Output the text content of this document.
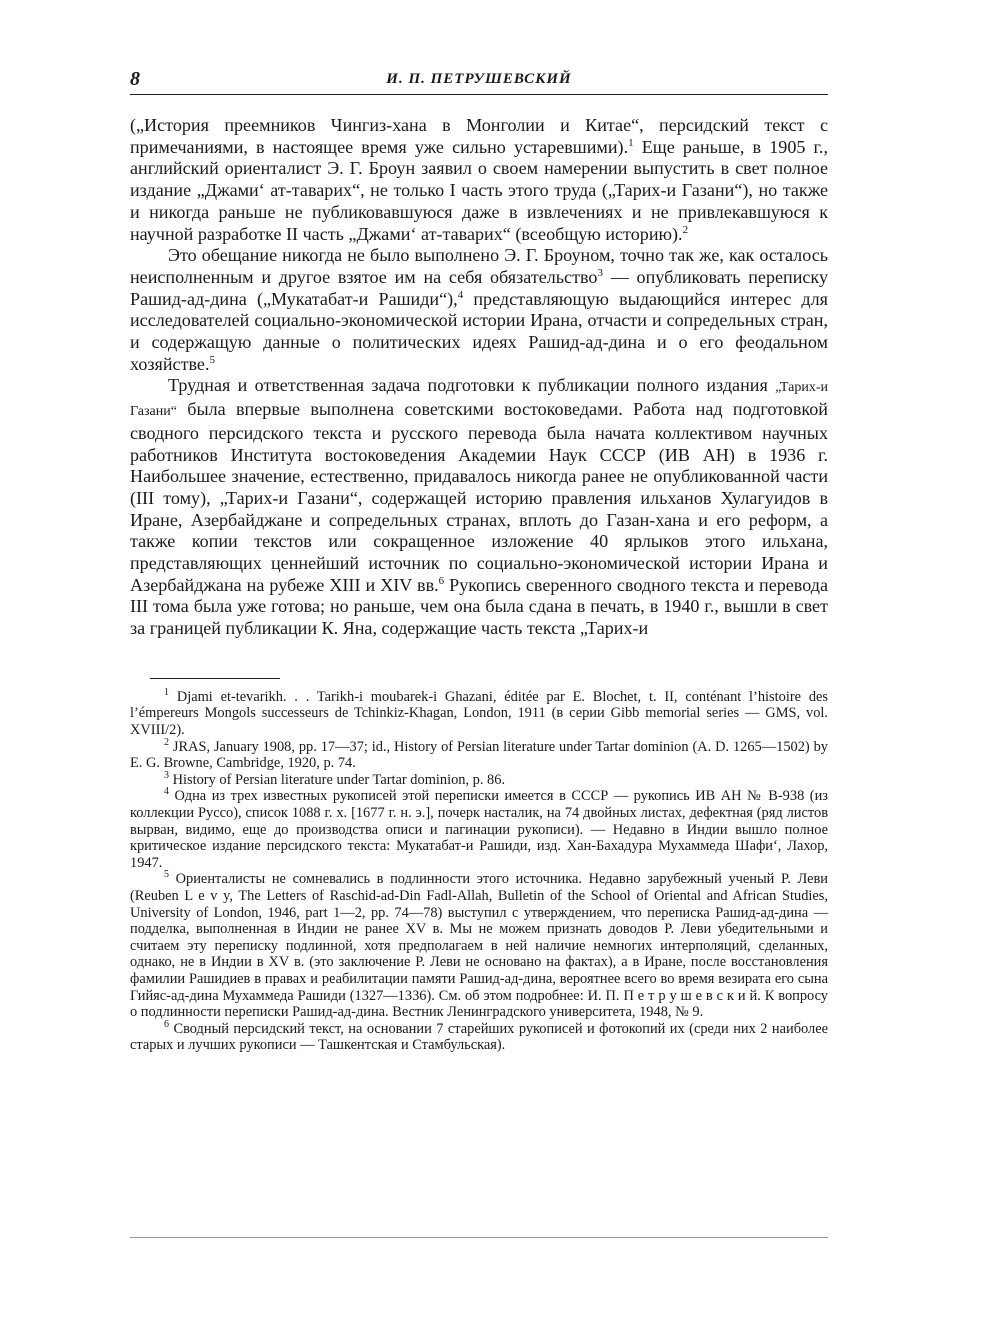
8	И. П. ПЕТРУШЕВСКИЙ

(„История преемников Чингиз-хана в Монголии и Китае“, персидский текст с примечаниями, в настоящее время уже сильно устаревшими).$^1$ Еще раньше, в 1905 г., английский ориенталист Э. Г. Броун заявил о своем намерении выпустить в свет полное издание „Джами‘ ат-таварих“, не только I часть этого труда („Тарих-и Газани“), но также и никогда раньше не публиковавшуюся даже в извлечениях и не привлекавшуюся к научной разработке II часть „Джами‘ ат-таварих“ (всеобщую историю).$^2$

Это обещание никогда не было выполнено Э. Г. Броуном, точно так же, как осталось неисполненным и другое взятое им на себя обязательство$^3$ — опубликовать переписку Рашид-ад-дина („Мукатабат-и Рашиди“),$^4$ представляющую выдающийся интерес для исследователей социально-экономической истории Ирана, отчасти и сопредельных стран, и содержащую данные о политических идеях Рашид-ад-дина и о его феодальном хозяйстве.$^5$

Трудная и ответственная задача подготовки к публикации полного издания „Тарих-и Газани“ была впервые выполнена советскими востоковедами. Работа над подготовкой сводного персидского текста и русского перевода была начата коллективом научных работников Института востоковедения Академии Наук СССР (ИВ АН) в 1936 г. Наибольшее значение, естественно, придавалось никогда ранее не опубликованной части (III тому), „Тарих-и Газани“, содержащей историю правления ильханов Хулагуидов в Иране, Азербайджане и сопредельных странах, вплоть до Газан-хана и его реформ, а также копии текстов или сокращенное изложение 40 ярлыков этого ильхана, представляющих ценнейший источник по социально-экономической истории Ирана и Азербайджана на рубеже XIII и XIV вв.$^6$ Рукопись сверенного сводного текста и перевода III тома была уже готова; но раньше, чем она была сдана в печать, в 1940 г., вышли в свет за границей публикации К. Яна, содержащие часть текста „Тарих-и

$^1$ Djami et-tevarikh. . . Tarikh-i moubarek-i Ghazani, éditée par E. Blochet, t. II, conténant l’histoire des l’émpereurs Mongols successeurs de Tchinkiz-Khagan, London, 1911 (в серии Gibb memorial series — GMS, vol. XVIII/2).

$^2$ JRAS, January 1908, pp. 17—37; id., History of Persian literature under Tartar dominion (A. D. 1265—1502) by E. G. Browne, Cambridge, 1920, p. 74.

$^3$ History of Persian literature under Tartar dominion, p. 86.

$^4$ Одна из трех известных рукописей этой переписки имеется в СССР — рукопись ИВ АН № В-938 (из коллекции Руссо), список 1088 г. х. [1677 г. н. э.], почерк насталик, на 74 двойных листах, дефектная (ряд листов вырван, видимо, еще до производства описи и пагинации рукописи). — Недавно в Индии вышло полное критическое издание персидского текста: Мукатабат-и Рашиди, изд. Хан-Бахадура Мухаммеда Шафи‘, Лахор, 1947.

$^5$ Ориенталисты не сомневались в подлинности этого источника. Недавно зарубежный ученый Р. Леви (Reuben L e v y, The Letters of Raschid-ad-Din Fadl-Allah, Bulletin of the School of Oriental and African Studies, University of London, 1946, part 1—2, pp. 74—78) выступил с утверждением, что переписка Рашид-ад-дина — подделка, выполненная в Индии не ранее XV в. Мы не можем признать доводов Р. Леви убедительными и считаем эту переписку подлинной, хотя предполагаем в ней наличие немногих интерполяций, сделанных, однако, не в Индии в XV в. (это заключение Р. Леви не основано на фактах), а в Иране, после восстановления фамилии Рашидиев в правах и реабилитации памяти Рашид-ад-дина, вероятнее всего во время везирата его сына Гийяс-ад-дина Мухаммеда Рашиди (1327—1336). См. об этом подробнее: И. П. П е т р у ш е в с к и й. К вопросу о подлинности переписки Рашид-ад-дина. Вестник Ленинградского университета, 1948, № 9.

$^6$ Сводный персидский текст, на основании 7 старейших рукописей и фотокопий их (среди них 2 наиболее старых и лучших рукописи — Ташкентская и Стамбульская).
